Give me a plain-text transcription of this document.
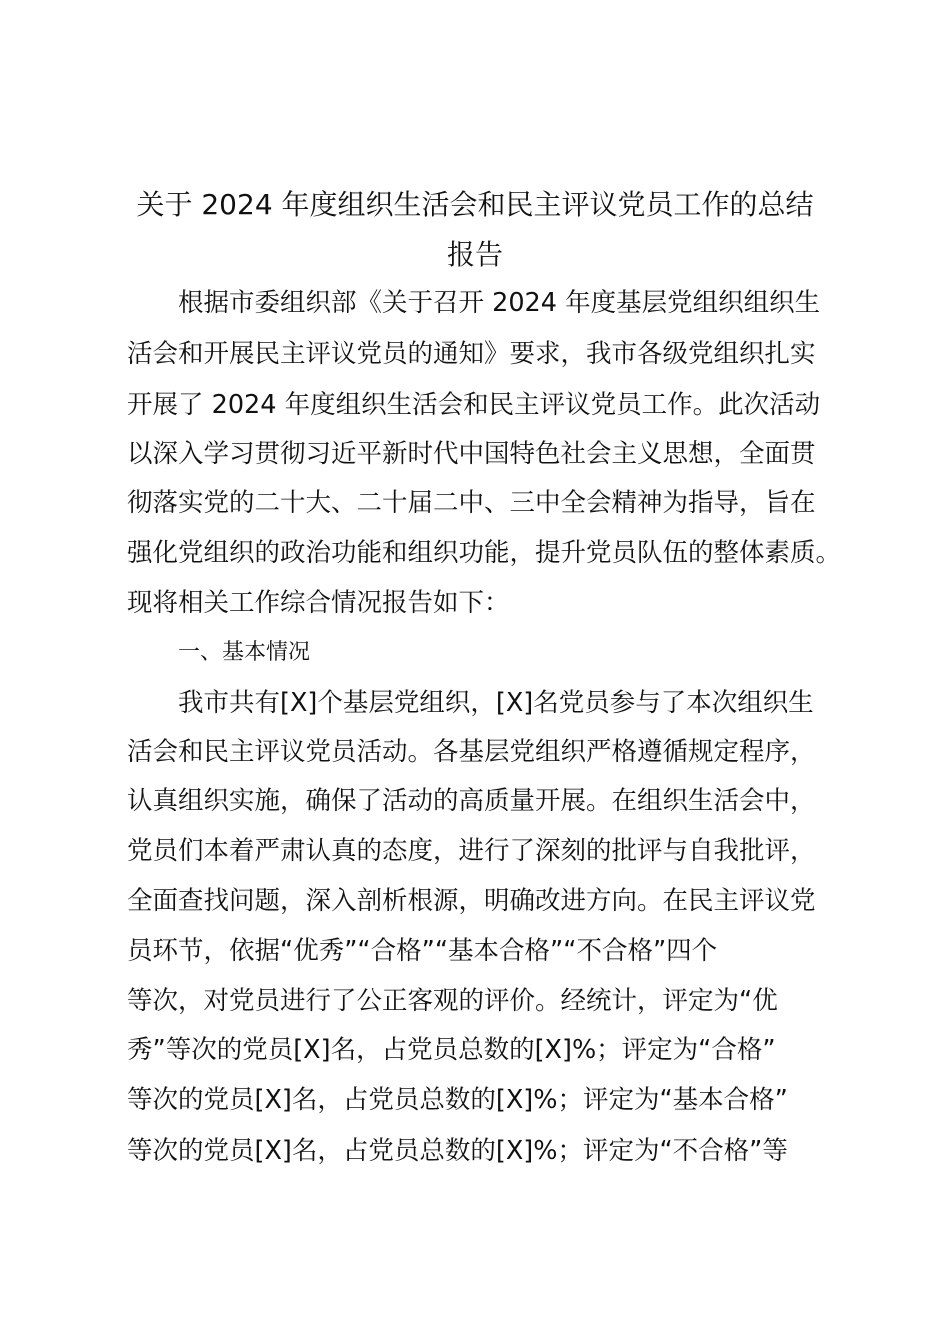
关于 2024 年度组织生活会和民主评议党员工作的总结
报告
根据市委组织部《关于召开 2024 年度基层党组织组织生
活会和开展民主评议党员的通知》要求，我市各级党组织扎实
开展了 2024 年度组织生活会和民主评议党员工作。此次活动
以深入学习贯彻习近平新时代中国特色社会主义思想，全面贯
彻落实党的二十大、二十届二中、三中全会精神为指导，旨在
强化党组织的政治功能和组织功能，提升党员队伍的整体素质。
现将相关工作综合情况报告如下：
一、基本情况
我市共有[X]个基层党组织，[X]名党员参与了本次组织生
活会和民主评议党员活动。各基层党组织严格遵循规定程序，
认真组织实施，确保了活动的高质量开展。在组织生活会中，
党员们本着严肃认真的态度，进行了深刻的批评与自我批评，
全面查找问题，深入剖析根源，明确改进方向。在民主评议党
员环节，依据“优秀”“合格”“基本合格”“不合格”四个
等次，对党员进行了公正客观的评价。经统计，评定为“优
秀”等次的党员[X]名，占党员总数的[X]%；评定为“合格”
等次的党员[X]名，占党员总数的[X]%；评定为“基本合格”
等次的党员[X]名，占党员总数的[X]%；评定为“不合格”等
